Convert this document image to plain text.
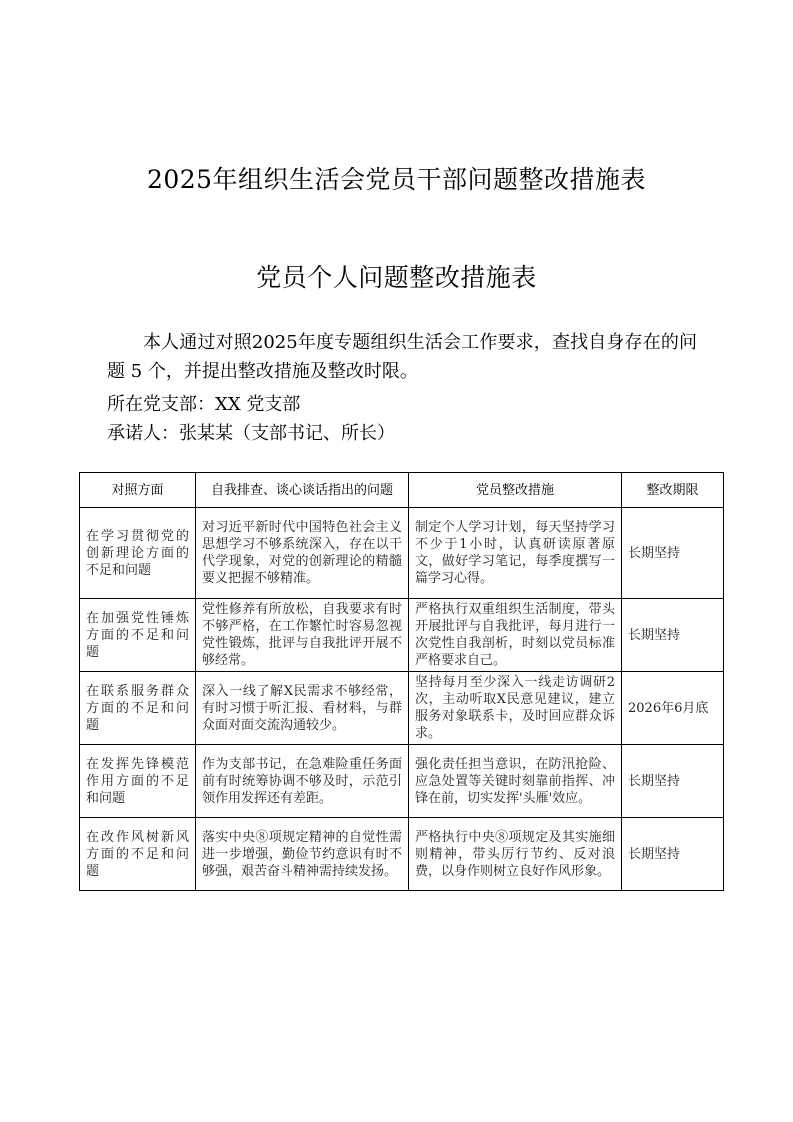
2025年组织生活会党员干部问题整改措施表
党员个人问题整改措施表

本人通过对照2025年度专题组织生活会工作要求，查找自身存在的问题 5 个，并提出整改措施及整改时限。

所在党支部：XX 党支部
承诺人：张某某（支部书记、所长）
对照方面	自我排查、谈心谈话指出的问题	党员整改措施	整改期限
在学习贯彻党的创新理论方面的不足和问题	对习近平新时代中国特色社会主义思想学习不够系统深入，存在以干代学现象，对党的创新理论的精髓要义把握不够精准。	制定个人学习计划，每天坚持学习不少于1小时，认真研读原著原文，做好学习笔记，每季度撰写一篇学习心得。	长期坚持
在加强党性锤炼方面的不足和问题	党性修养有所放松，自我要求有时不够严格，在工作繁忙时容易忽视党性锻炼，批评与自我批评开展不够经常。	严格执行双重组织生活制度，带头开展批评与自我批评，每月进行一次党性自我剖析，时刻以党员标准严格要求自己。	长期坚持
在联系服务群众方面的不足和问题	深入一线了解X民需求不够经常，有时习惯于听汇报、看材料，与群众面对面交流沟通较少。	坚持每月至少深入一线走访调研2次，主动听取X民意见建议，建立服务对象联系卡，及时回应群众诉求。	2026年6月底
在发挥先锋模范作用方面的不足和问题	作为支部书记，在急难险重任务面前有时统筹协调不够及时，示范引领作用发挥还有差距。	强化责任担当意识，在防汛抢险、应急处置等关键时刻靠前指挥、冲锋在前，切实发挥'头雁'效应。	长期坚持
在改作风树新风方面的不足和问题	落实中央⑧项规定精神的自觉性需进一步增强，勤俭节约意识有时不够强，艰苦奋斗精神需持续发扬。	严格执行中央⑧项规定及其实施细则精神，带头厉行节约、反对浪费，以身作则树立良好作风形象。	长期坚持
